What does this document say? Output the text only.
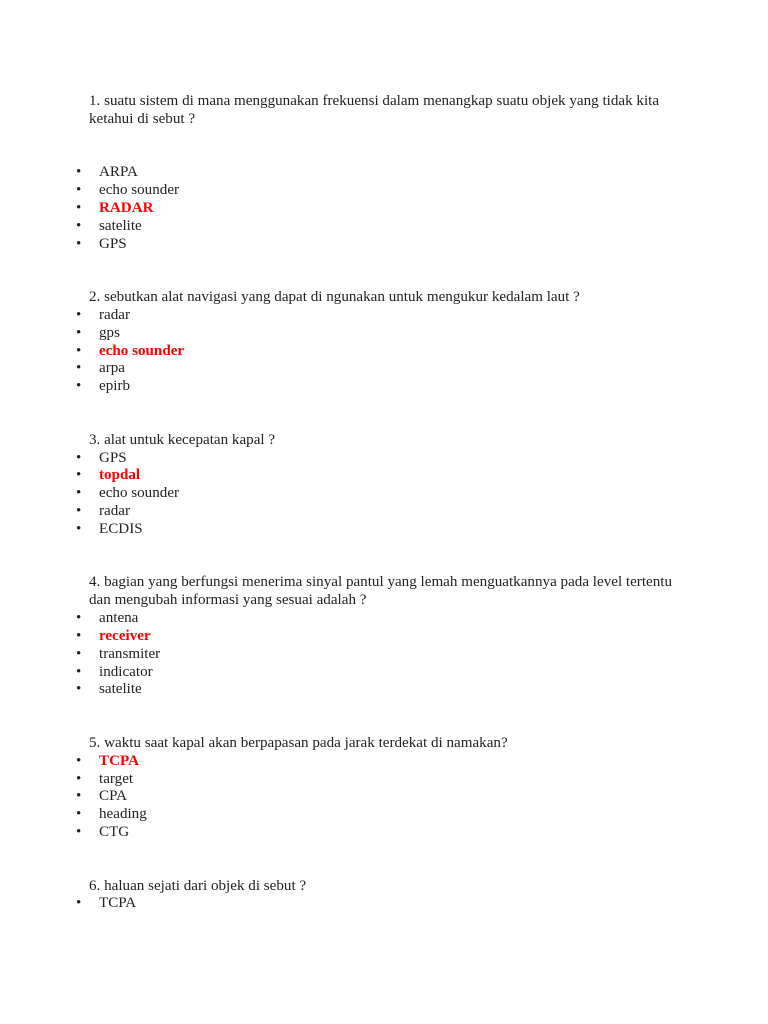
1. suatu sistem di mana menggunakan frekuensi dalam menangkap suatu objek yang tidak kita
ketahui di sebut ?
•
ARPA
•
echo sounder
•
RADAR
•
satelite
•
GPS
2. sebutkan alat navigasi yang dapat di ngunakan untuk mengukur kedalam laut ?
•
radar
•
gps
•
echo sounder
•
arpa
•
epirb
3. alat untuk kecepatan kapal ?
•
GPS
•
topdal
•
echo sounder
•
radar
•
ECDIS
4. bagian yang berfungsi menerima sinyal pantul yang lemah menguatkannya pada level tertentu
dan mengubah informasi yang sesuai adalah ?
•
antena
•
receiver
•
transmiter
•
indicator
•
satelite
5. waktu saat kapal akan berpapasan pada jarak terdekat di namakan?
•
TCPA
•
target
•
CPA
•
heading
•
CTG
6. haluan sejati dari objek di sebut ?
•
TCPA
